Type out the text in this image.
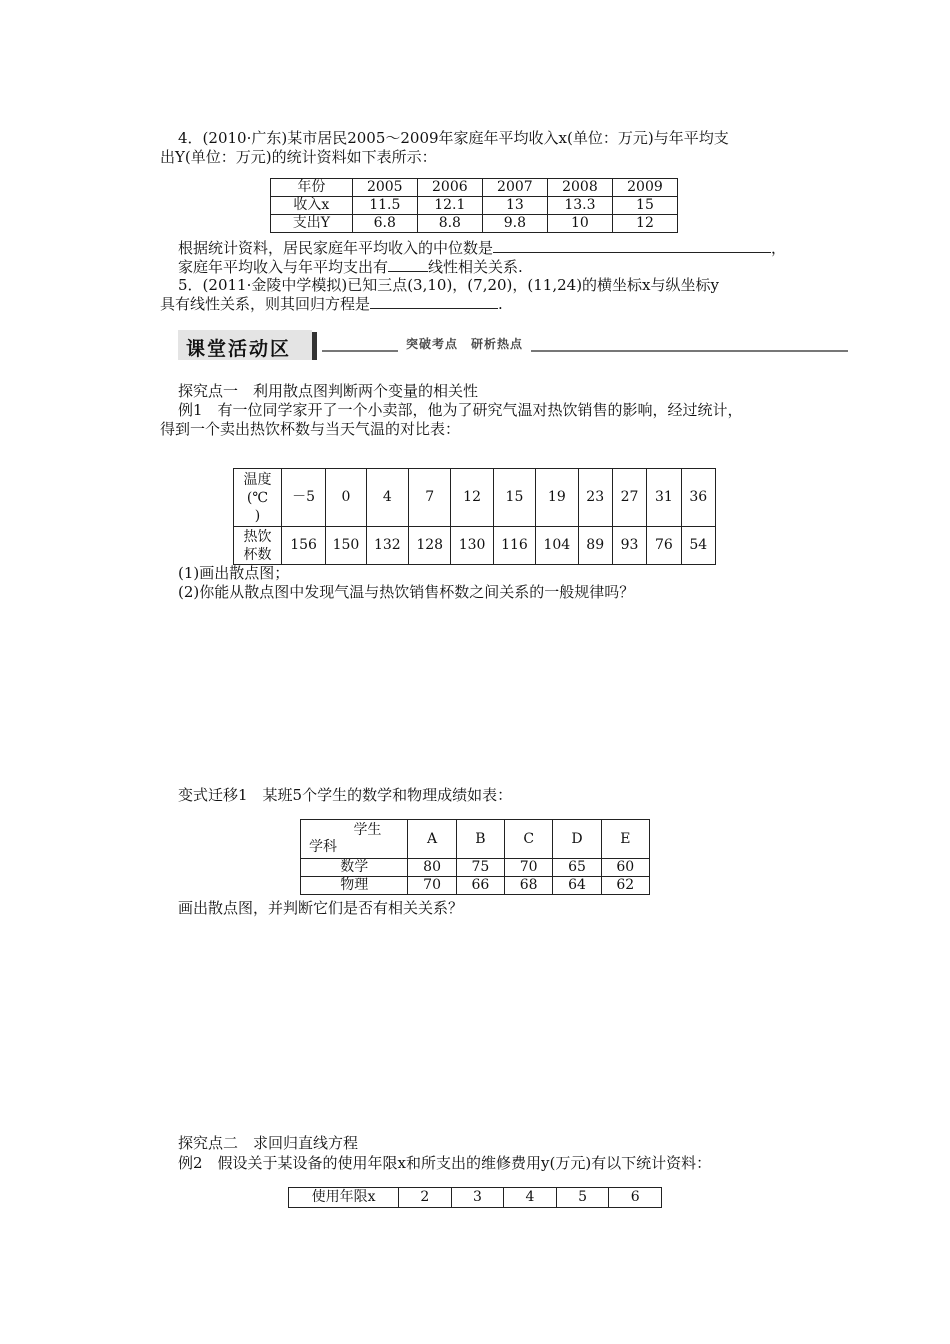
4．(2010·广东)某市居民2005～2009年家庭年平均收入x(单位：万元)与年平均支
出Y(单位：万元)的统计资料如下表所示：
年份	2005	2006	2007	2008	2009
收入x	11.5	12.1	13	13.3	15
支出Y	6.8	8.8	9.8	10	12
根据统计资料，居民家庭年平均收入的中位数是	，
家庭年平均收入与年平均支出有	线性相关关系.
5．(2011·金陵中学模拟)已知三点(3,10)，(7,20)，(11,24)的横坐标x与纵坐标y
具有线性关系，则其回归方程是	.
课堂活动区	突破考点　研析热点
探究点一　利用散点图判断两个变量的相关性
例1　有一位同学家开了一个小卖部，他为了研究气温对热饮销售的影响，经过统计，
得到一个卖出热饮杯数与当天气温的对比表：
温度
(℃
)	－5	0	4	7	12	15	19	23	27	31	36

热饮
杯数	156	150	132	128	130	116	104	89	93	76	54
(1)画出散点图；
(2)你能从散点图中发现气温与热饮销售杯数之间关系的一般规律吗？
变式迁移1　某班5个学生的数学和物理成绩如表：
学生
学科	A	B	C	D	E
数学	80	75	70	65	60
物理	70	66	68	64	62
画出散点图，并判断它们是否有相关关系？
探究点二　求回归直线方程
例2　假设关于某设备的使用年限x和所支出的维修费用y(万元)有以下统计资料：
使用年限x	2	3	4	5	6
